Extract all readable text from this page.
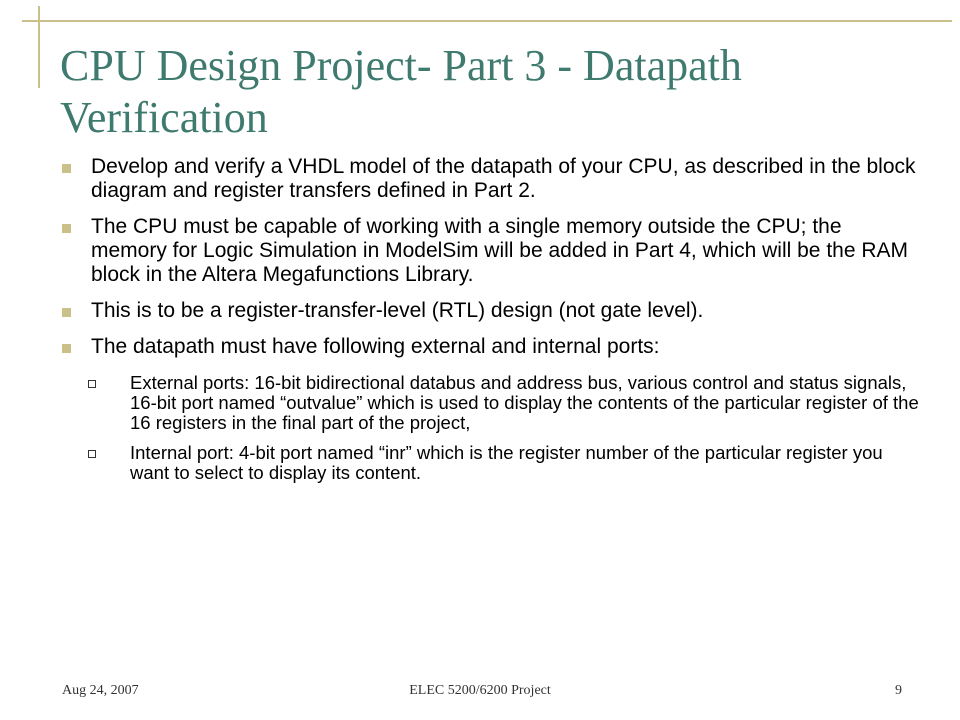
CPU Design Project- Part 3 - Datapath Verification
Develop and verify a VHDL model of the datapath of your CPU, as described in the block diagram and register transfers defined in Part 2.
The CPU must be capable of working with a single memory outside the CPU; the memory for Logic Simulation in ModelSim will be added in Part 4, which will be the RAM block in the Altera Megafunctions Library.
This is to be a register-transfer-level (RTL) design (not gate level).
The datapath must have following external and internal ports:
External ports: 16-bit bidirectional databus and address bus, various control and status signals, 16-bit port named “outvalue” which is used to display the contents of the particular register of the 16 registers in the final part of the project,
Internal port: 4-bit port named “inr” which is the register number of the particular register you want to select to display its content.
ELEC 5200/6200 Project
Aug 24, 2007	9
